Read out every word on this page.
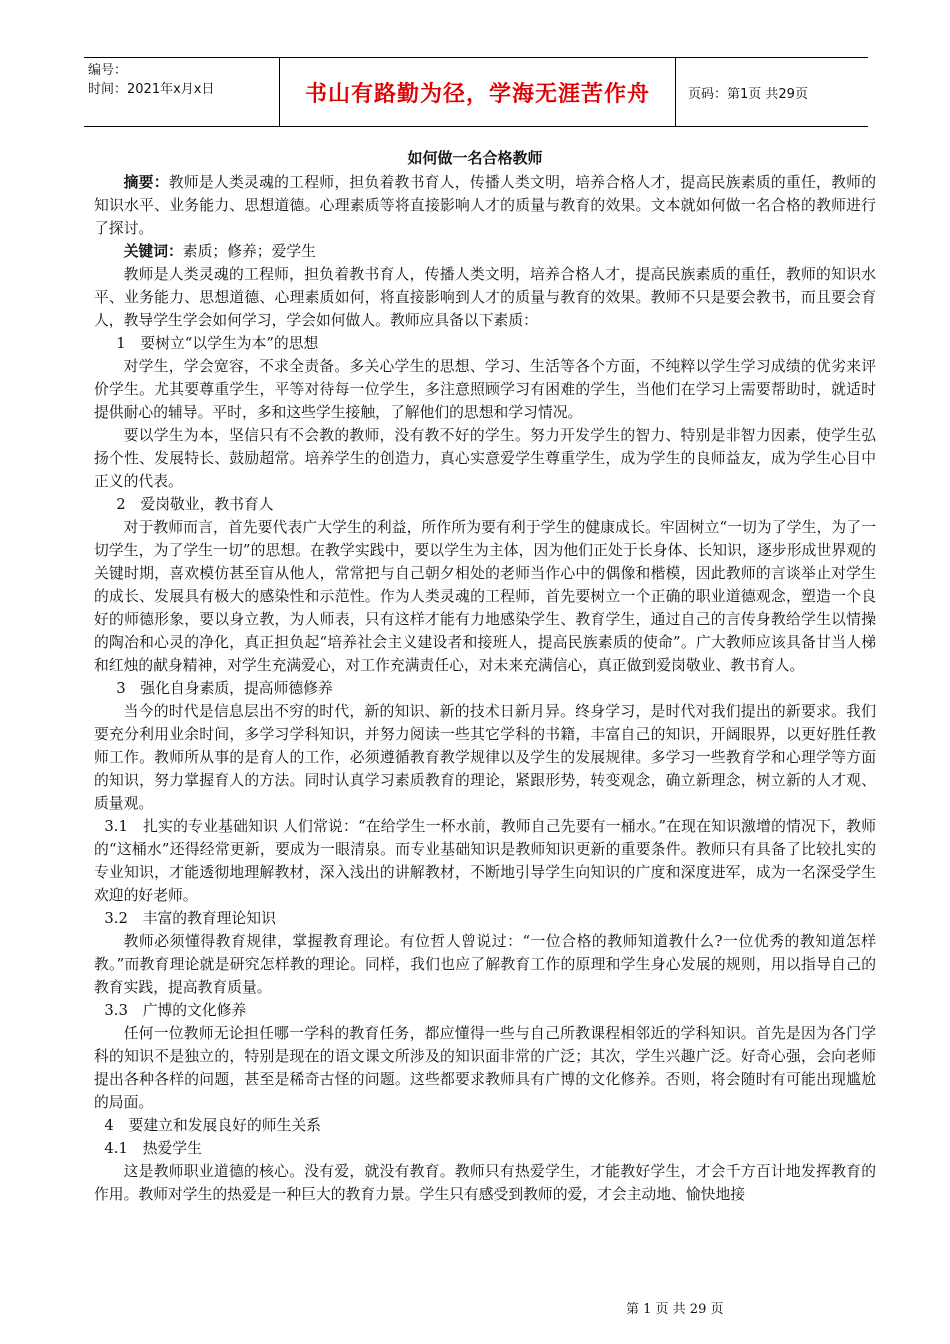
编号：
时间：2021年x月x日	书山有路勤为径，学海无涯苦作舟	页码：第1页 共29页
如何做一名合格教师

摘要：教师是人类灵魂的工程师，担负着教书育人，传播人类文明，培养合格人才，提高民族素质的重任，教师的知识水平、业务能力、思想道德。心理素质等将直接影响人才的质量与教育的效果。文本就如何做一名合格的教师进行了探讨。

关键词：素质；修养；爱学生

教师是人类灵魂的工程师，担负着教书育人，传播人类文明，培养合格人才，提高民族素质的重任，教师的知识水平、业务能力、思想道德、心理素质如何，将直接影响到人才的质量与教育的效果。教师不只是要会教书，而且要会育人，教导学生学会如何学习，学会如何做人。教师应具备以下素质：

1　要树立“以学生为本”的思想

对学生，学会宽容，不求全责备。多关心学生的思想、学习、生活等各个方面，不纯粹以学生学习成绩的优劣来评价学生。尤其要尊重学生，平等对待每一位学生，多注意照顾学习有困难的学生，当他们在学习上需要帮助时，就适时提供耐心的辅导。平时，多和这些学生接触，了解他们的思想和学习情况。

要以学生为本，坚信只有不会教的教师，没有教不好的学生。努力开发学生的智力、特别是非智力因素，使学生弘扬个性、发展特长、鼓励超常。培养学生的创造力，真心实意爱学生尊重学生，成为学生的良师益友，成为学生心目中正义的代表。

2　爱岗敬业，教书育人

对于教师而言，首先要代表广大学生的利益，所作所为要有利于学生的健康成长。牢固树立“一切为了学生，为了一切学生，为了学生一切”的思想。在教学实践中，要以学生为主体，因为他们正处于长身体、长知识，逐步形成世界观的关键时期，喜欢模仿甚至盲从他人，常常把与自己朝夕相处的老师当作心中的偶像和楷模，因此教师的言谈举止对学生的成长、发展具有极大的感染性和示范性。作为人类灵魂的工程师，首先要树立一个正确的职业道德观念，塑造一个良好的师德形象，要以身立教，为人师表，只有这样才能有力地感染学生、教育学生，通过自己的言传身教给学生以情操的陶冶和心灵的净化，真正担负起“培养社会主义建设者和接班人，提高民族素质的使命”。广大教师应该具备甘当人梯和红烛的献身精神，对学生充满爱心，对工作充满责任心，对未来充满信心，真正做到爱岗敬业、教书育人。

3　强化自身素质，提高师德修养

当今的时代是信息层出不穷的时代，新的知识、新的技术日新月异。终身学习，是时代对我们提出的新要求。我们要充分利用业余时间，多学习学科知识，并努力阅读一些其它学科的书籍，丰富自己的知识，开阔眼界，以更好胜任教师工作。教师所从事的是育人的工作，必须遵循教育教学规律以及学生的发展规律。多学习一些教育学和心理学等方面的知识，努力掌握育人的方法。同时认真学习素质教育的理论，紧跟形势，转变观念，确立新理念，树立新的人才观、质量观。

3.1　扎实的专业基础知识 人们常说：“在给学生一杯水前，教师自己先要有一桶水。”在现在知识激增的情况下，教师的“这桶水”还得经常更新，要成为一眼清泉。而专业基础知识是教师知识更新的重要条件。教师只有具备了比较扎实的专业知识，才能透彻地理解教材，深入浅出的讲解教材，不断地引导学生向知识的广度和深度进军，成为一名深受学生欢迎的好老师。

3.2　丰富的教育理论知识

教师必须懂得教育规律，掌握教育理论。有位哲人曾说过：“一位合格的教师知道教什么?一位优秀的教知道怎样教。”而教育理论就是研究怎样教的理论。同样，我们也应了解教育工作的原理和学生身心发展的规则，用以指导自己的教育实践，提高教育质量。

3.3　广博的文化修养

任何一位教师无论担任哪一学科的教育任务，都应懂得一些与自己所教课程相邻近的学科知识。首先是因为各门学科的知识不是独立的，特别是现在的语文课文所涉及的知识面非常的广泛；其次，学生兴趣广泛。好奇心强，会向老师提出各种各样的问题，甚至是稀奇古怪的问题。这些都要求教师具有广博的文化修养。否则，将会随时有可能出现尴尬的局面。

4　要建立和发展良好的师生关系

4.1　热爱学生

这是教师职业道德的核心。没有爱，就没有教育。教师只有热爱学生，才能教好学生，才会千方百计地发挥教育的作用。教师对学生的热爱是一种巨大的教育力景。学生只有感受到教师的爱，才会主动地、愉快地接

第 1 页 共 29 页
